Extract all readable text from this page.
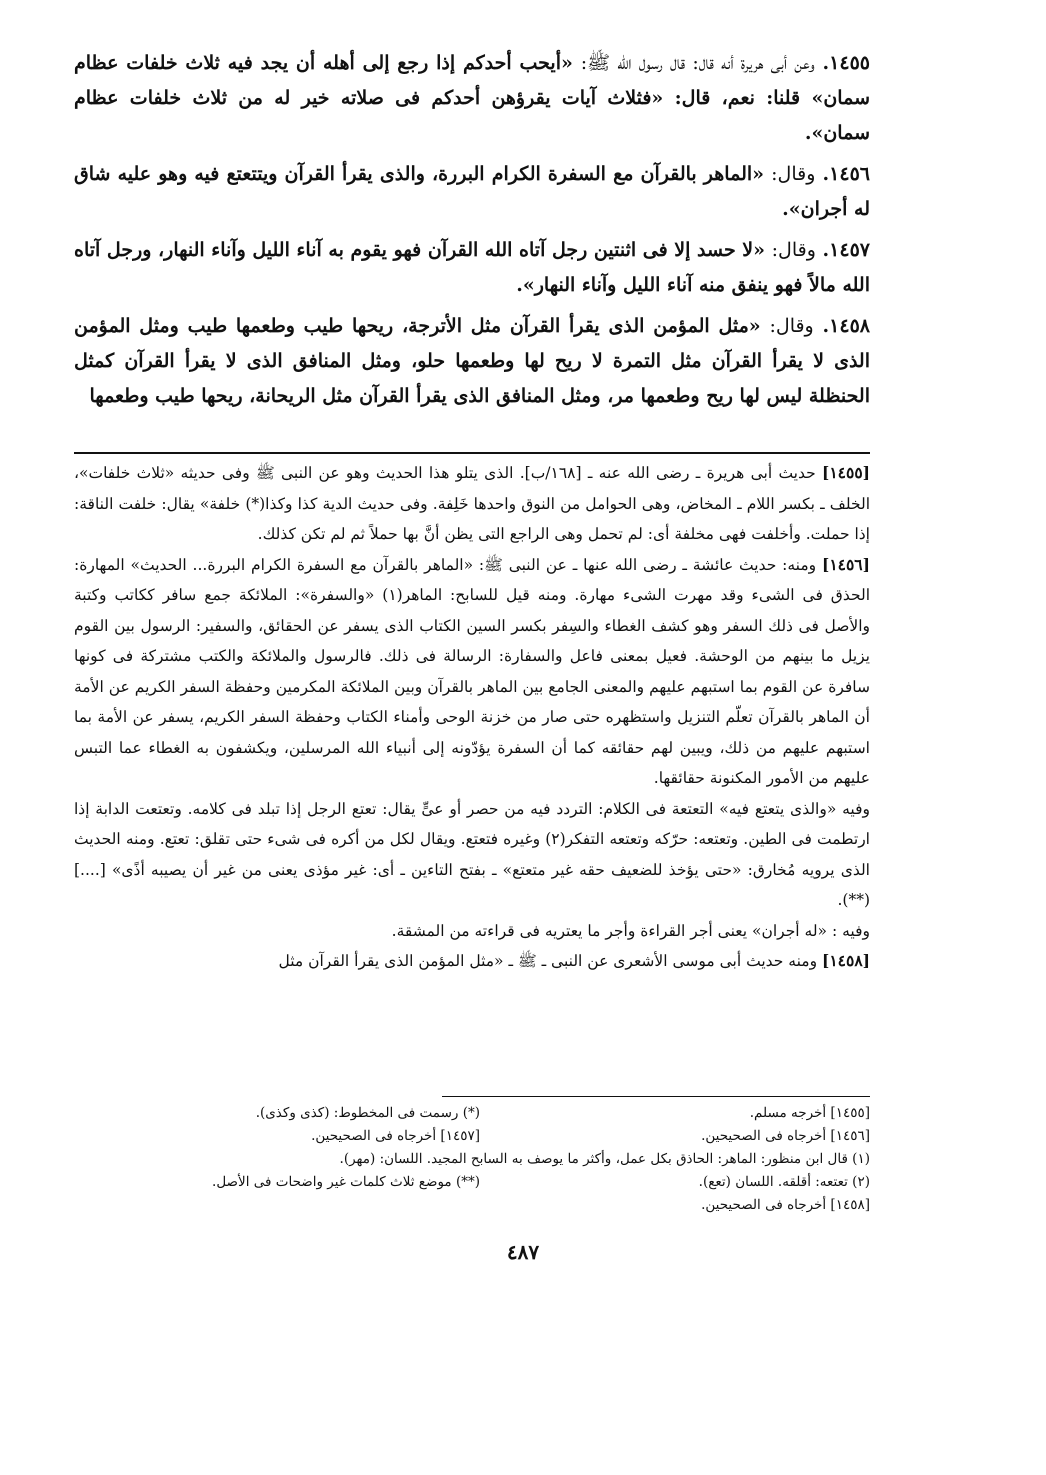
١٤٥٥. وعن أبى هريرة أنه قال: قال رسول الله ﷺ: «أيحب أحدكم إذا رجع إلى أهله أن يجد فيه ثلاث خلفات عظام سمان» قلنا: نعم، قال: «فثلاث آيات يقرؤهن أحدكم فى صلاته خير له من ثلاث خلفات عظام سمان».

١٤٥٦. وقال: «الماهر بالقرآن مع السفرة الكرام البررة، والذى يقرأ القرآن ويتتعتع فيه وهو عليه شاق له أجران».

١٤٥٧. وقال: «لا حسد إلا فى اثنتين رجل آتاه الله القرآن فهو يقوم به آناء الليل وآناء النهار، ورجل آتاه الله مالاً فهو ينفق منه آناء الليل وآناء النهار».

١٤٥٨. وقال: «مثل المؤمن الذى يقرأ القرآن مثل الأترجة، ريحها طيب وطعمها طيب ومثل المؤمن الذى لا يقرأ القرآن مثل التمرة لا ريح لها وطعمها حلو، ومثل المنافق الذى لا يقرأ القرآن كمثل الحنظلة ليس لها ريح وطعمها مر، ومثل المنافق الذى يقرأ القرآن مثل الريحانة، ريحها طيب وطعمها

[١٤٥٥] حديث أبى هريرة ـ رضى الله عنه ـ [١٦٨/ب]. الذى يتلو هذا الحديث وهو عن النبى ﷺ وفى حديثه «ثلاث خلفات»، الخلف ـ بكسر اللام ـ المخاض، وهى الحوامل من النوق واحدها خَلِفة. وفى حديث الدية كذا وكذا(*) خلفة» يقال: خلفت الناقة: إذا حملت. وأخلفت فهى مخلفة أى: لم تحمل وهى الراجع التى يظن أنَّ بها حملاً ثم لم تكن كذلك.

[١٤٥٦] ومنه: حديث عائشة ـ رضى الله عنها ـ عن النبى ﷺ: «الماهر بالقرآن مع السفرة الكرام البررة... الحديث» المهارة: الحذق فى الشىء وقد مهرت الشىء مهارة. ومنه قيل للسابح: الماهر(١) «والسفرة»: الملائكة جمع سافر ككاتب وكتبة والأصل فى ذلك السفر وهو كشف الغطاء والسِفر بكسر السين الكتاب الذى يسفر عن الحقائق، والسفير: الرسول بين القوم يزيل ما بينهم من الوحشة. فعيل بمعنى فاعل والسفارة: الرسالة فى ذلك. فالرسول والملائكة والكتب مشتركة فى كونها سافرة عن القوم بما استبهم عليهم والمعنى الجامع بين الماهر بالقرآن وبين الملائكة المكرمين وحفظة السفر الكريم عن الأمة أن الماهر بالقرآن تعلّم التنزيل واستظهره حتى صار من خزنة الوحى وأمناء الكتاب وحفظة السفر الكريم، يسفر عن الأمة بما استبهم عليهم من ذلك، ويبين لهم حقائقه كما أن السفرة يؤدّونه إلى أنبياء الله المرسلين، ويكشفون به الغطاء عما التبس عليهم من الأمور المكنونة حقائقها.

وفيه «والذى يتعتع فيه» التعتعة فى الكلام: التردد فيه من حصر أو عىٍّ يقال: تعتع الرجل إذا تبلد فى كلامه. وتعتعت الدابة إذا ارتطمت فى الطين. وتعتعه: حرّكه وتعتعه التفكر(٢) وغيره فتعتع. ويقال لكل من أكره فى شىء حتى تقلق: تعتع. ومنه الحديث الذى يرويه مُخارق: «حتى يؤخذ للضعيف حقه غير متعتع» ـ بفتح التاءين ـ أى: غير مؤذى يعنى من غير أن يصيبه أذًى» [....](**).

وفيه : «له أجران» يعنى أجر القراءة وأجر ما يعتريه فى قراءته من المشقة.

[١٤٥٨] ومنه حديث أبى موسى الأشعرى عن النبى ـ ﷺ ـ «مثل المؤمن الذى يقرأ القرآن مثل

[١٤٥٥] أخرجه مسلم.
(*) رسمت فى المخطوط: (كذى وكذى).
[١٤٥٦] أخرجاه فى الصحيحين.
[١٤٥٧] أخرجاه فى الصحيحين.
(١) قال ابن منظور: الماهر: الحاذق بكل عمل، وأكثر ما يوصف به السابح المجيد. اللسان: (مهر).
(٢) تعتعه: أقلقه. اللسان (تعع).
(**) موضع ثلاث كلمات غير واضحات فى الأصل.
[١٤٥٨] أخرجاه فى الصحيحين.
٤٨٧
